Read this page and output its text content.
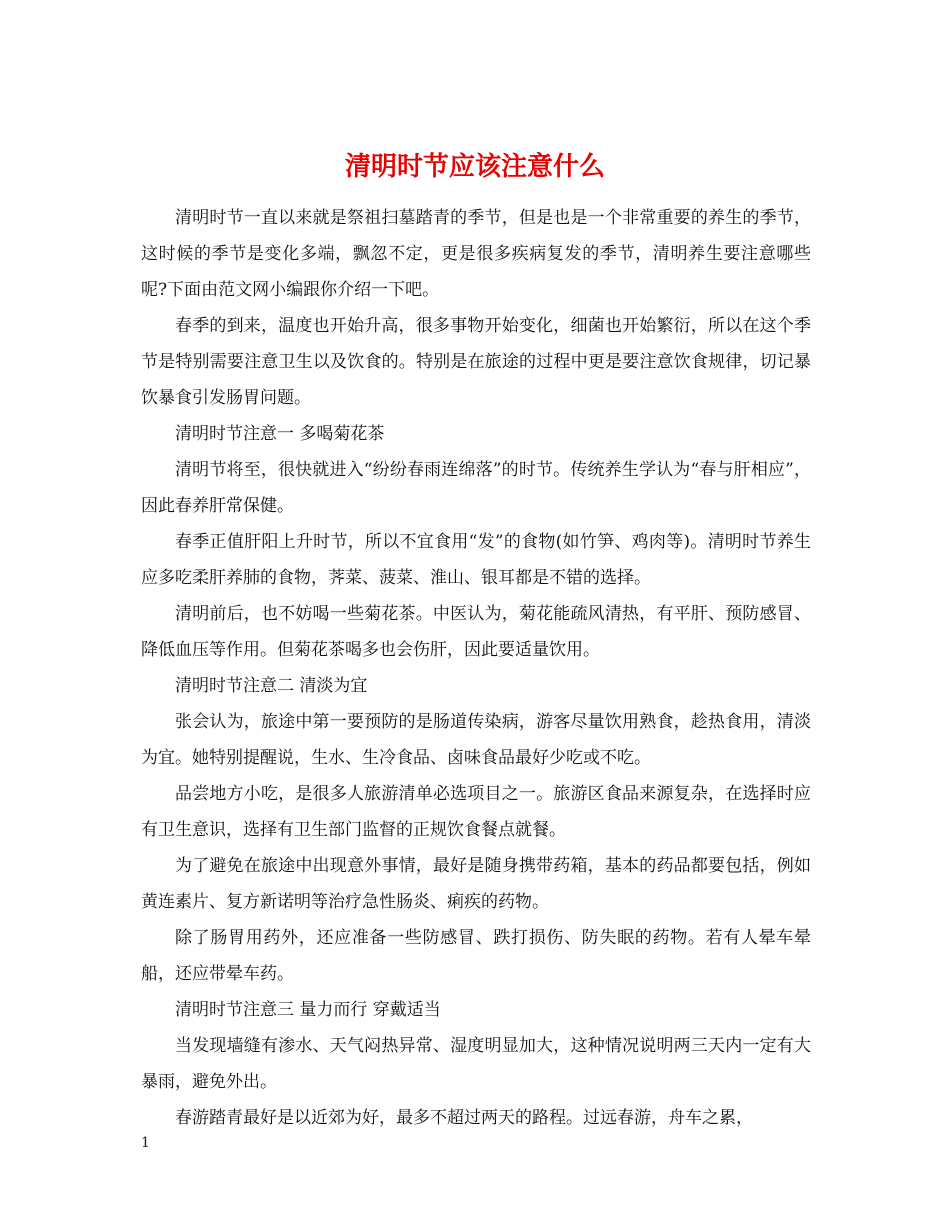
清明时节应该注意什么

清明时节一直以来就是祭祖扫墓踏青的季节，但是也是一个非常重要的养生的季节，这时候的季节是变化多端，飘忽不定，更是很多疾病复发的季节，清明养生要注意哪些呢?下面由范文网小编跟你介绍一下吧。

春季的到来，温度也开始升高，很多事物开始变化，细菌也开始繁衍，所以在这个季节是特别需要注意卫生以及饮食的。特别是在旅途的过程中更是要注意饮食规律，切记暴饮暴食引发肠胃问题。

清明时节注意一 多喝菊花茶

清明节将至，很快就进入“纷纷春雨连绵落”的时节。传统养生学认为“春与肝相应”，因此春养肝常保健。

春季正值肝阳上升时节，所以不宜食用“发”的食物(如竹笋、鸡肉等)。清明时节养生应多吃柔肝养肺的食物，荠菜、菠菜、淮山、银耳都是不错的选择。

清明前后，也不妨喝一些菊花茶。中医认为，菊花能疏风清热，有平肝、预防感冒、降低血压等作用。但菊花茶喝多也会伤肝，因此要适量饮用。

清明时节注意二 清淡为宜

张会认为，旅途中第一要预防的是肠道传染病，游客尽量饮用熟食，趁热食用，清淡为宜。她特别提醒说，生水、生冷食品、卤味食品最好少吃或不吃。

品尝地方小吃，是很多人旅游清单必选项目之一。旅游区食品来源复杂，在选择时应有卫生意识，选择有卫生部门监督的正规饮食餐点就餐。

为了避免在旅途中出现意外事情，最好是随身携带药箱，基本的药品都要包括，例如黄连素片、复方新诺明等治疗急性肠炎、痢疾的药物。

除了肠胃用药外，还应准备一些防感冒、跌打损伤、防失眠的药物。若有人晕车晕船，还应带晕车药。

清明时节注意三 量力而行 穿戴适当

当发现墙缝有渗水、天气闷热异常、湿度明显加大，这种情况说明两三天内一定有大暴雨，避免外出。

春游踏青最好是以近郊为好，最多不超过两天的路程。过远春游，舟车之累，

1
